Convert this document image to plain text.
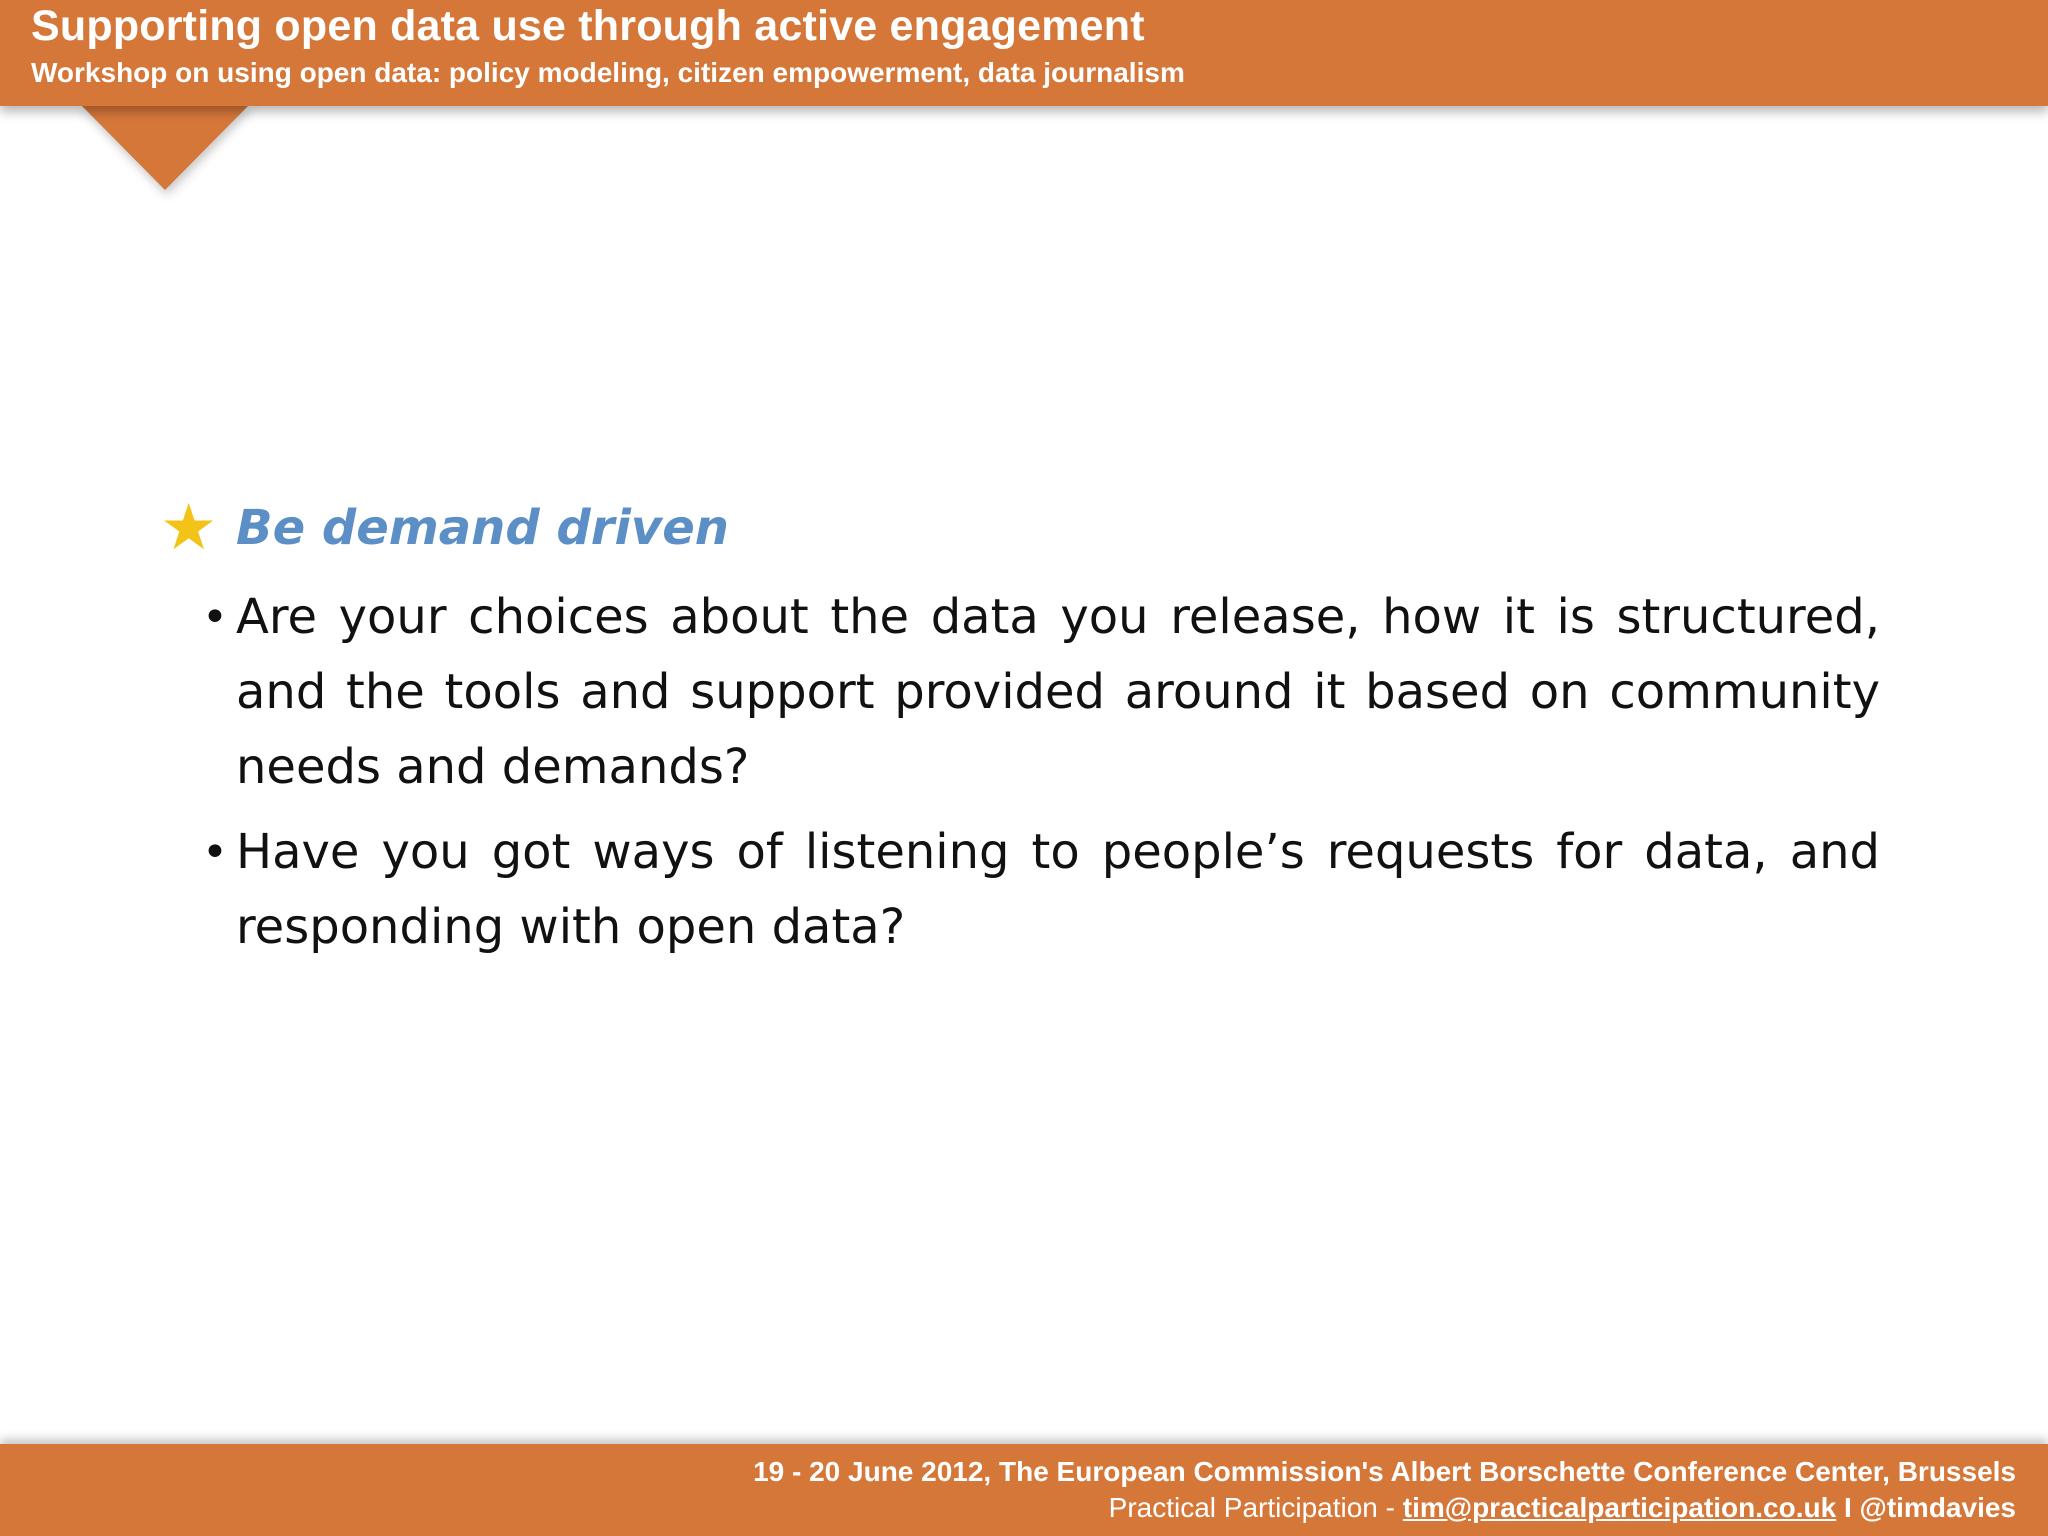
Supporting open data use through active engagement
Workshop on using open data: policy modeling, citizen empowerment, data journalism
★ Be demand driven
• Are your choices about the data you release, how it is structured, and the tools and support provided around it based on community needs and demands?
• Have you got ways of listening to people’s requests for data, and responding with open data?
19 - 20 June 2012, The European Commission's Albert Borschette Conference Center, Brussels
Practical Participation - tim@practicalparticipation.co.uk I @timdavies
